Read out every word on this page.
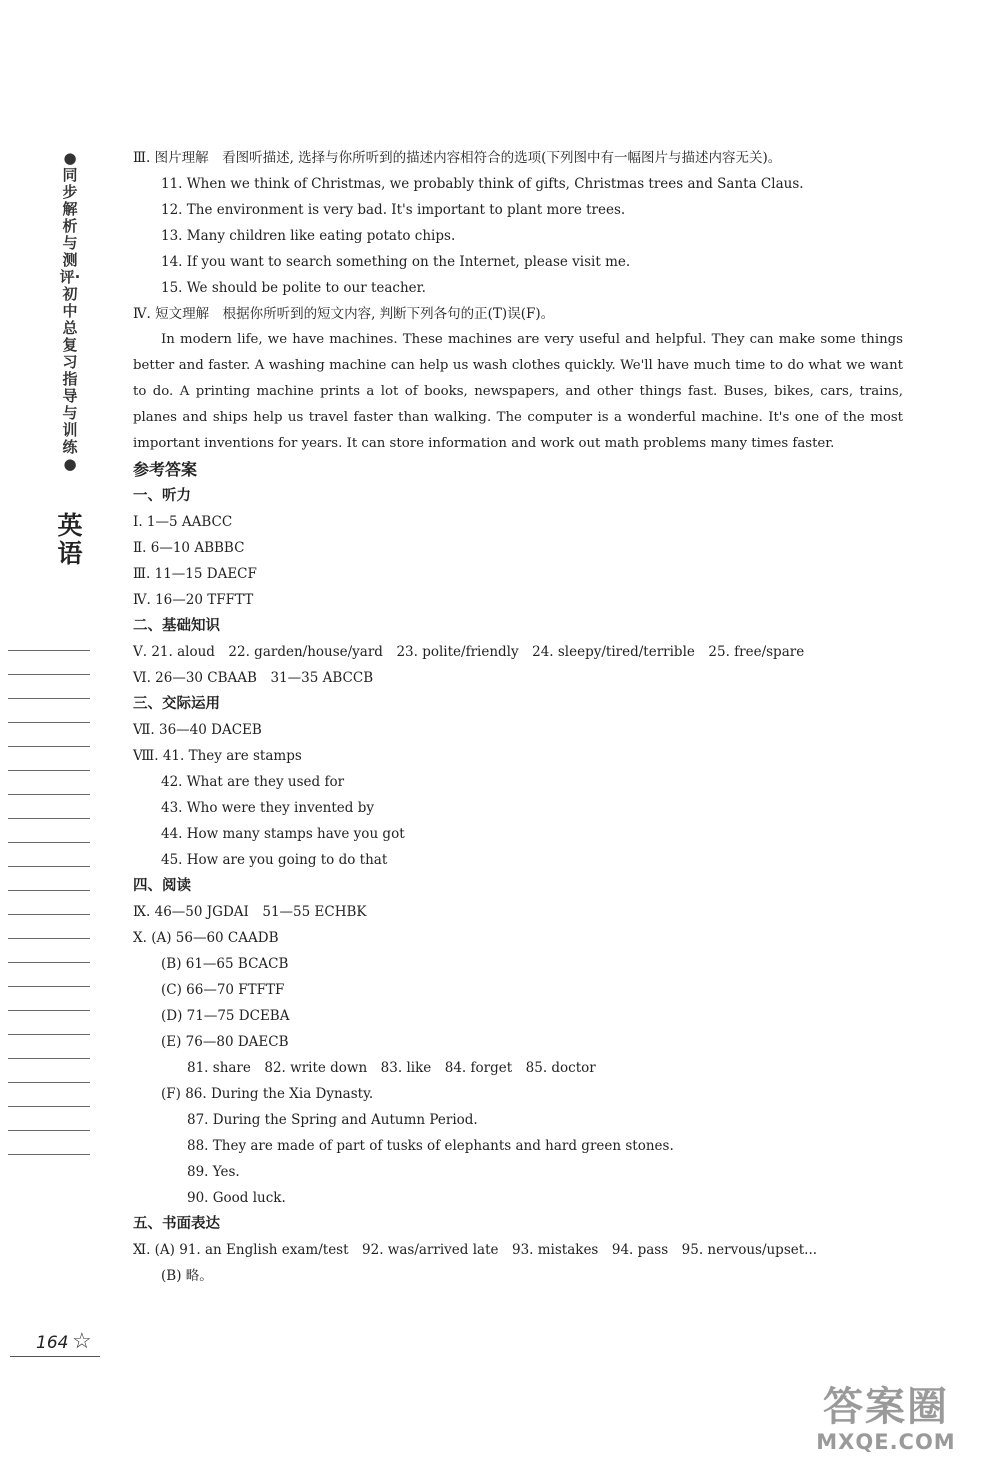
●同步解析与测评·初中总复习指导与训练●
英语
Ⅲ. 图片理解　看图听描述, 选择与你所听到的描述内容相符合的选项(下列图中有一幅图片与描述内容无关)。
11. When we think of Christmas, we probably think of gifts, Christmas trees and Santa Claus.
12. The environment is very bad. It's important to plant more trees.
13. Many children like eating potato chips.
14. If you want to search something on the Internet, please visit me.
15. We should be polite to our teacher.
Ⅳ. 短文理解　根据你所听到的短文内容, 判断下列各句的正(T)误(F)。
In modern life, we have machines. These machines are very useful and helpful. They can make some things better and faster. A washing machine can help us wash clothes quickly. We'll have much time to do what we want to do. A printing machine prints a lot of books, newspapers, and other things fast. Buses, bikes, cars, trains, planes and ships help us travel faster than walking. The computer is a wonderful machine. It's one of the most important inventions for years. It can store information and work out math problems many times faster.
参考答案
一、听力
Ⅰ. 1—5 AABCC
Ⅱ. 6—10 ABBBC
Ⅲ. 11—15 DAECF
Ⅳ. 16—20 TFFTT
二、基础知识
Ⅴ. 21. aloud　22. garden/house/yard　23. polite/friendly　24. sleepy/tired/terrible　25. free/spare
Ⅵ. 26—30 CBAAB　31—35 ABCCB
三、交际运用
Ⅶ. 36—40 DACEB
Ⅷ. 41. They are stamps
42. What are they used for
43. Who were they invented by
44. How many stamps have you got
45. How are you going to do that
四、阅读
Ⅸ. 46—50 JGDAI　51—55 ECHBK
Ⅹ. (A) 56—60 CAADB
(B) 61—65 BCACB
(C) 66—70 FTFTF
(D) 71—75 DCEBA
(E) 76—80 DAECB
81. share　82. write down　83. like　84. forget　85. doctor
(F) 86. During the Xia Dynasty.
87. During the Spring and Autumn Period.
88. They are made of part of tusks of elephants and hard green stones.
89. Yes.
90. Good luck.
五、书面表达
Ⅺ. (A) 91. an English exam/test　92. was/arrived late　93. mistakes　94. pass　95. nervous/upset...
(B) 略。
164 ☆
答案圈
MXQE.COM
